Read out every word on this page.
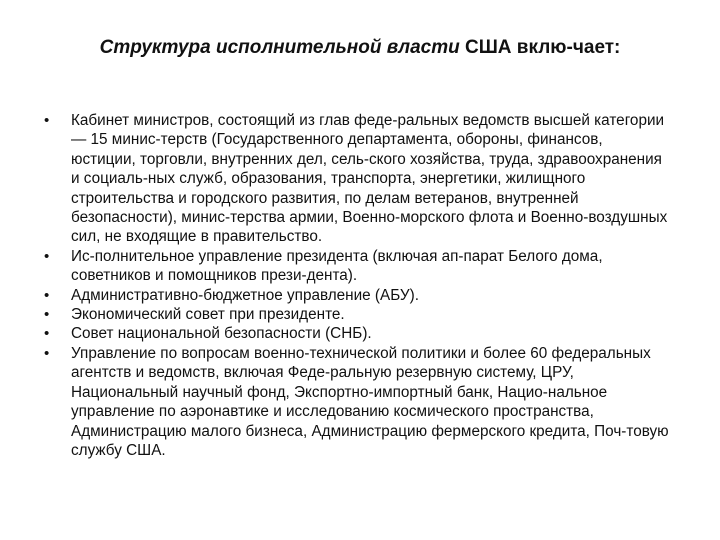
Структура исполнительной власти США вклю-чает:
•	Кабинет министров, состоящий из глав феде-ральных ведомств высшей категории — 15 минис-терств (Государственного департамента, обороны, финансов, юстиции, торговли, внутренних дел, сель-ского хозяйства, труда, здравоохранения и социаль-ных служб, образования, транспорта, энергетики, жилищного строительства и городского развития, по делам ветеранов, внутренней безопасности), минис-терства армии, Военно-морского флота и Военно-воздушных сил, не входящие в правительство.
•	Ис-полнительное управление президента (включая ап-парат Белого дома, советников и помощников прези-дента).
•	Административно-бюджетное управление (АБУ).
•	Экономический совет при президенте.
•	Совет национальной безопасности (СНБ).
•	Управление по вопросам военно-технической политики и более 60 федеральных агентств и ведомств, включая Феде-ральную резервную систему, ЦРУ, Национальный научный фонд, Экспортно-импортный банк, Нацио-нальное управление по аэронавтике и исследованию космического пространства, Администрацию малого бизнеса, Администрацию фермерского кредита, Поч-товую службу США.
